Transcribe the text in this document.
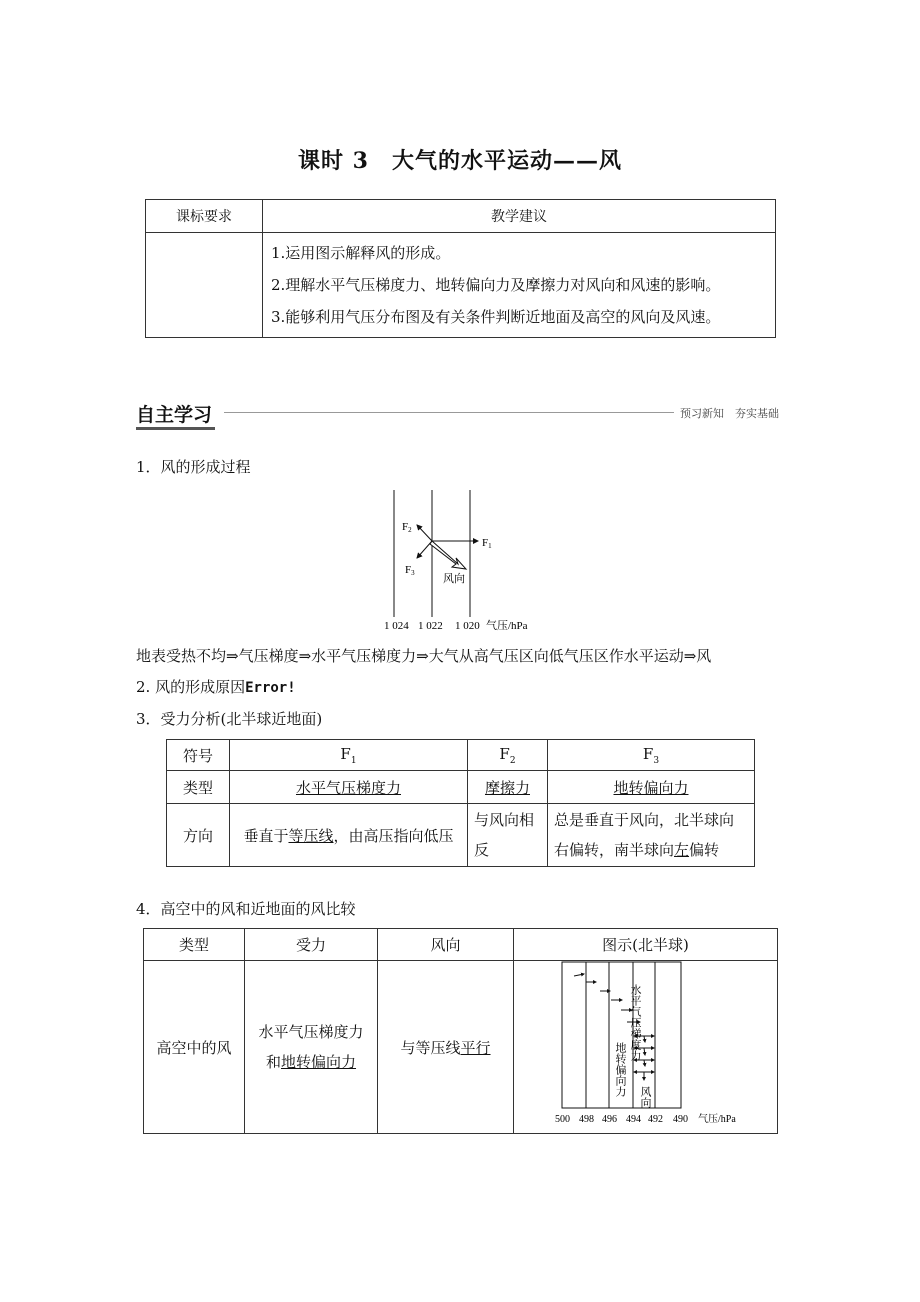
课时 3　大气的水平运动——风
课标要求	教学建议

	1.运用图示解释风的形成。
2.理解水平气压梯度力、地转偏向力及摩擦力对风向和风速的影响。
3.能够利用气压分布图及有关条件判断近地面及高空的风向及风速。
自主学习	预习新知　夯实基础
1．风的形成过程
F1
F2
F3	风向
1 024 1 022 1 020 气压/hPa
地表受热不均⇒气压梯度⇒水平气压梯度力⇒大气从高气压区向低气压区作水平运动⇒风
2. 风的形成原因Error!
3．受力分析(北半球近地面)
符号	$F_1$	$F_2$	$F_3$
类型	水平气压梯度力	摩擦力	地转偏向力
方向	垂直于等压线，由高压指向低压	与风向相反	总是垂直于风向，北半球向右偏转，南半球向左偏转
4．高空中的风和近地面的风比较
类型	受力	风向	图示(北半球)
高空中的风	水平气压梯度力
和地转偏向力	与等压线平行		水平气压梯度力
地转偏向力 风向
500 498 496 494 492 490 气压/hPa
